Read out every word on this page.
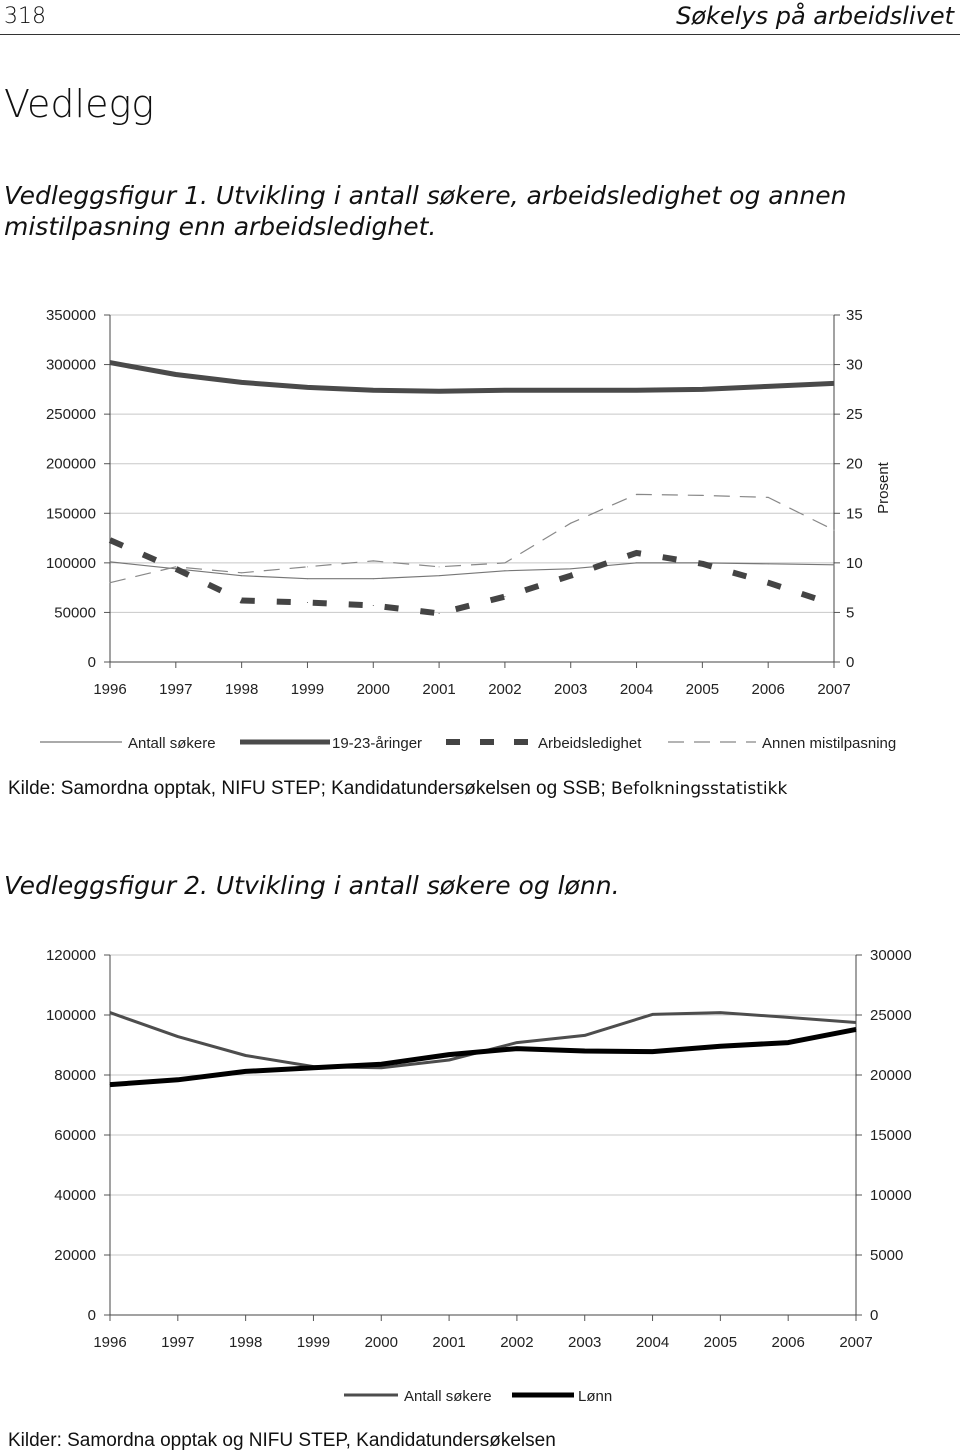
318	Søkelys på arbeidslivet
Vedlegg
Vedleggsfigur 1. Utvikling i antall søkere, arbeidsledighet og annen mistilpasning enn arbeidsledighet.
0
50000
100000
150000
200000
250000
300000
350000
0
5
10
15
20
25
30
35
1996 1997 1998 1999 2000 2001 2002 2003 2004 2005 2006 2007
Prosent
Antall søkere	19-23-åringer	Arbeidsledighet	Annen mistilpasning
Kilde: Samordna opptak, NIFU STEP; Kandidatundersøkelsen og SSB; Befolkningsstatistikk
Vedleggsfigur 2. Utvikling i antall søkere og lønn.
0
20000
40000
60000
80000
100000
120000
0
5000
10000
15000
20000
25000
30000
1996 1997 1998 1999 2000 2001 2002 2003 2004 2005 2006 2007
Antall søkere	Lønn
Kilder: Samordna opptak og NIFU STEP, Kandidatundersøkelsen
